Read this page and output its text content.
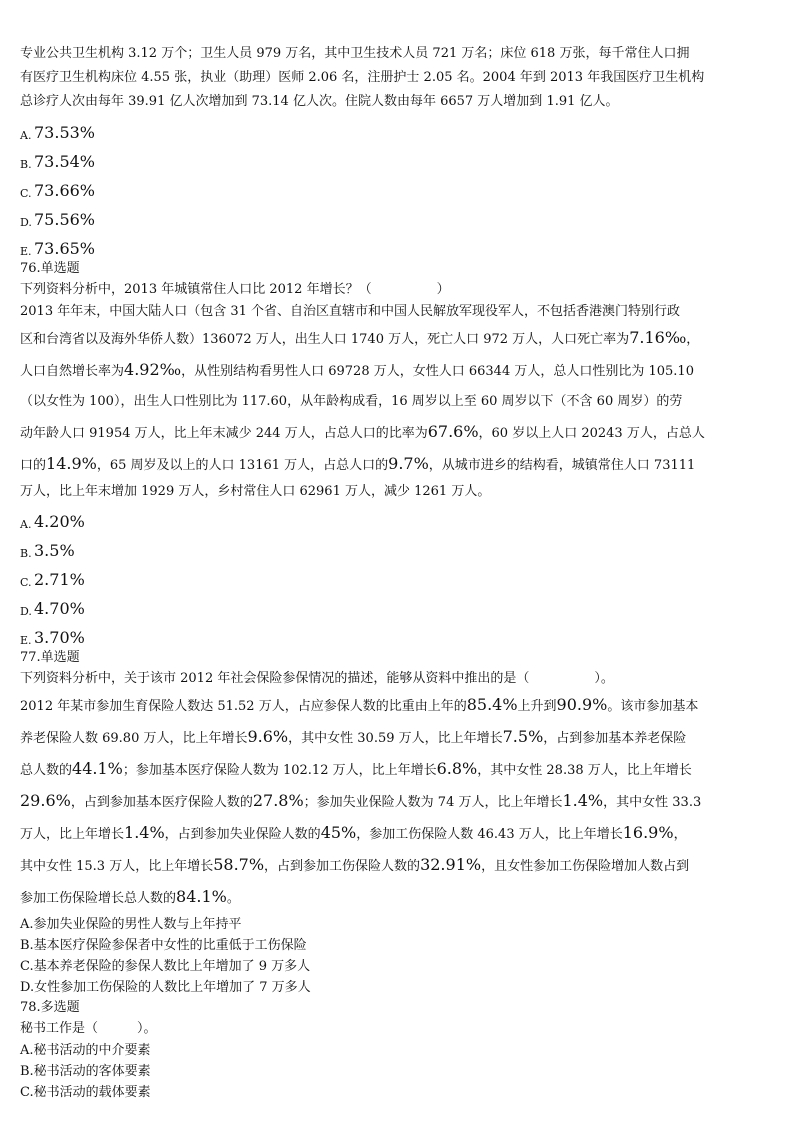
专业公共卫生机构 3.12 万个；卫生人员 979 万名，其中卫生技术人员 721 万名；床位 618 万张，每千常住人口拥

有医疗卫生机构床位 4.55 张，执业（助理）医师 2.06 名，注册护士 2.05 名。2004 年到 2013 年我国医疗卫生机构

总诊疗人次由每年 39.91 亿人次增加到 73.14 亿人次。住院人数由每年 6657 万人增加到 1.91 亿人。

A. 73.53%
B. 73.54%
C. 73.66%
D. 75.56%
E. 73.65%

76.单选题

下列资料分析中，2013 年城镇常住人口比 2012 年增长？（　　　　　）

2013 年年末，中国大陆人口（包含 31 个省、自治区直辖市和中国人民解放军现役军人，不包括香港澳门特别行政

区和台湾省以及海外华侨人数）136072 万人，出生人口 1740 万人，死亡人口 972 万人，人口死亡率为7.16‰，

人口自然增长率为4.92‰，从性别结构看男性人口 69728 万人，女性人口 66344 万人，总人口性别比为 105.10

（以女性为 100），出生人口性别比为 117.60，从年龄构成看，16 周岁以上至 60 周岁以下（不含 60 周岁）的劳

动年龄人口 91954 万人，比上年末减少 244 万人，占总人口的比率为67.6%，60 岁以上人口 20243 万人，占总人

口的14.9%，65 周岁及以上的人口 13161 万人，占总人口的9.7%，从城市进乡的结构看，城镇常住人口 73111

万人，比上年末增加 1929 万人，乡村常住人口 62961 万人，减少 1261 万人。

A. 4.20%
B. 3.5%
C. 2.71%
D. 4.70%
E. 3.70%

77.单选题

下列资料分析中，关于该市 2012 年社会保险参保情况的描述，能够从资料中推出的是（　　　　　）。

2012 年某市参加生育保险人数达 51.52 万人，占应参保人数的比重由上年的85.4%上升到90.9%。该市参加基本

养老保险人数 69.80 万人，比上年增长9.6%，其中女性 30.59 万人，比上年增长7.5%，占到参加基本养老保险

总人数的44.1%；参加基本医疗保险人数为 102.12 万人，比上年增长6.8%，其中女性 28.38 万人，比上年增长

29.6%，占到参加基本医疗保险人数的27.8%；参加失业保险人数为 74 万人，比上年增长1.4%，其中女性 33.3

万人，比上年增长1.4%，占到参加失业保险人数的45%，参加工伤保险人数 46.43 万人，比上年增长16.9%，

其中女性 15.3 万人，比上年增长58.7%，占到参加工伤保险人数的32.91%，且女性参加工伤保险增加人数占到

参加工伤保险增长总人数的84.1%。

A.参加失业保险的男性人数与上年持平

B.基本医疗保险参保者中女性的比重低于工伤保险

C.基本养老保险的参保人数比上年增加了 9 万多人

D.女性参加工伤保险的人数比上年增加了 7 万多人

78.多选题

秘书工作是（　　　）。

A.秘书活动的中介要素

B.秘书活动的客体要素

C.秘书活动的载体要素
